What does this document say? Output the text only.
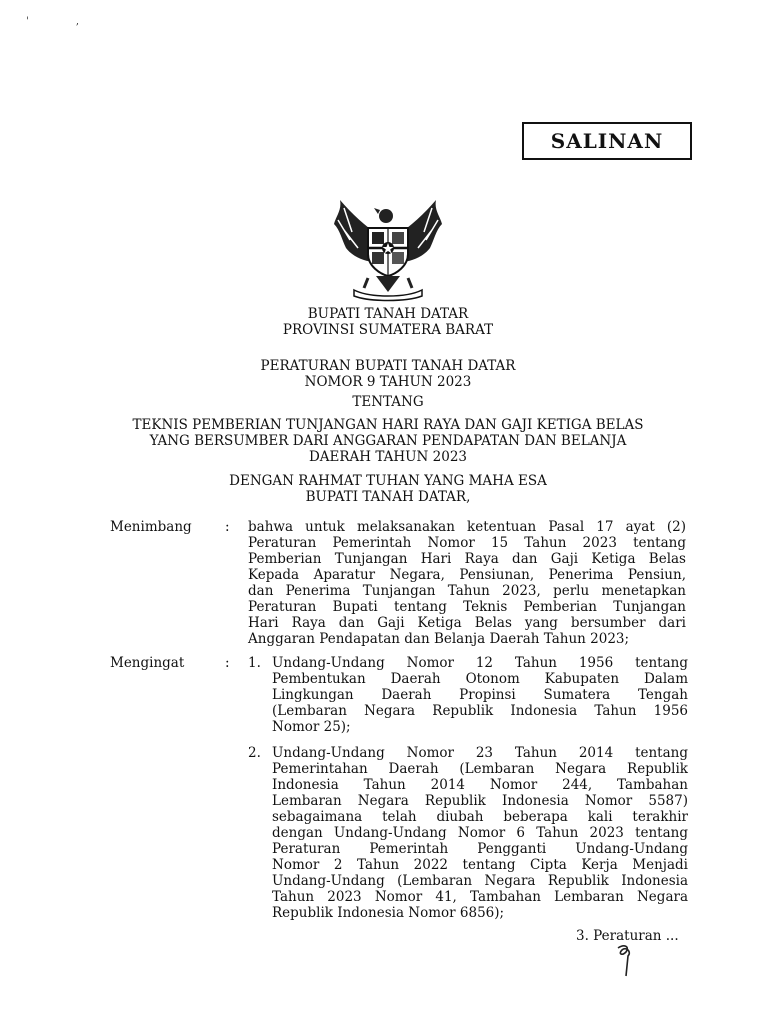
' ,
SALINAN
BUPATI TANAH DATAR
PROVINSI SUMATERA BARAT
PERATURAN BUPATI TANAH DATAR
NOMOR 9 TAHUN 2023
TENTANG
TEKNIS PEMBERIAN TUNJANGAN HARI RAYA DAN GAJI KETIGA BELAS
YANG BERSUMBER DARI ANGGARAN PENDAPATAN DAN BELANJA
DAERAH TAHUN 2023
DENGAN RAHMAT TUHAN YANG MAHA ESA
BUPATI TANAH DATAR,
Menimbang : bahwa untuk melaksanakan ketentuan Pasal 17 ayat (2)
Peraturan Pemerintah Nomor 15 Tahun 2023 tentang
Pemberian Tunjangan Hari Raya dan Gaji Ketiga Belas
Kepada Aparatur Negara, Pensiunan, Penerima Pensiun,
dan Penerima Tunjangan Tahun 2023, perlu menetapkan
Peraturan Bupati tentang Teknis Pemberian Tunjangan
Hari Raya dan Gaji Ketiga Belas yang bersumber dari
Anggaran Pendapatan dan Belanja Daerah Tahun 2023;
Mengingat	: 1. Undang-Undang Nomor 12 Tahun 1956 tentang
Pembentukan Daerah Otonom Kabupaten Dalam
Lingkungan Daerah Propinsi Sumatera Tengah
(Lembaran Negara Republik Indonesia Tahun 1956
Nomor 25);
2. Undang-Undang Nomor 23 Tahun 2014 tentang
Pemerintahan Daerah (Lembaran Negara Republik
Indonesia Tahun 2014 Nomor 244, Tambahan
Lembaran Negara Republik Indonesia Nomor 5587)
sebagaimana telah diubah beberapa kali terakhir
dengan Undang-Undang Nomor 6 Tahun 2023 tentang
Peraturan Pemerintah Pengganti Undang-Undang
Nomor 2 Tahun 2022 tentang Cipta Kerja Menjadi
Undang-Undang (Lembaran Negara Republik Indonesia
Tahun 2023 Nomor 41, Tambahan Lembaran Negara
Republik Indonesia Nomor 6856);
3. Peraturan ...
